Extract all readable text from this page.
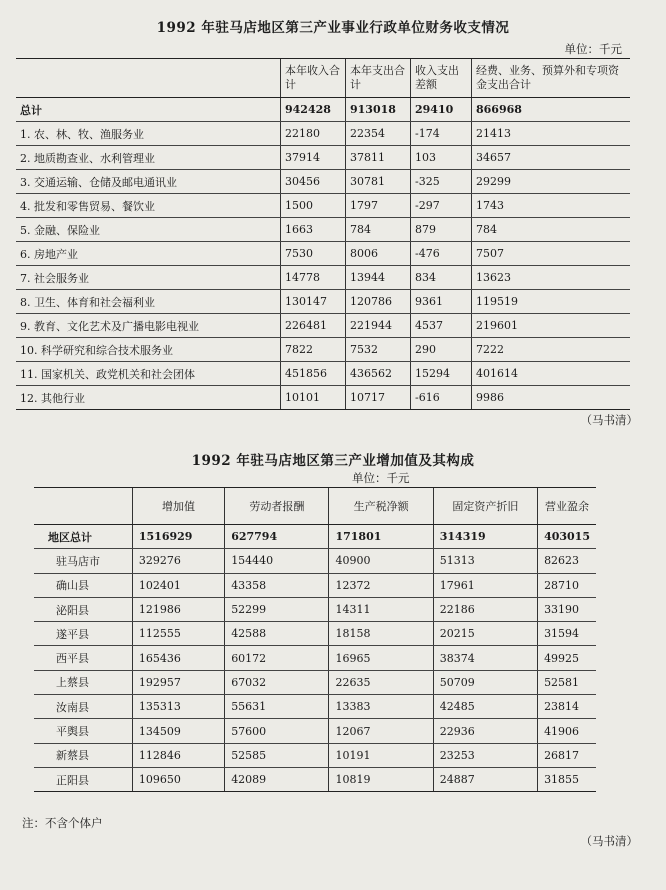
1992 年驻马店地区第三产业事业行政单位财务收支情况
单位：千元
	本年收入合计	本年支出合计	收入支出差额	经费、业务、预算外和专项资金支出合计
总计	942428	913018	29410	866968
1. 农、林、牧、渔服务业	22180	22354	-174	21413
2. 地质勘查业、水利管理业	37914	37811	103	34657
3. 交通运输、仓储及邮电通讯业	30456	30781	-325	29299
4. 批发和零售贸易、餐饮业	1500	1797	-297	1743
5. 金融、保险业	1663	784	879	784
6. 房地产业	7530	8006	-476	7507
7. 社会服务业	14778	13944	834	13623
8. 卫生、体育和社会福利业	130147	120786	9361	119519
9. 教育、文化艺术及广播电影电视业	226481	221944	4537	219601
10. 科学研究和综合技术服务业	7822	7532	290	7222
11. 国家机关、政党机关和社会团体	451856	436562	15294	401614
12. 其他行业	10101	10717	-616	9986
（马书清）
1992 年驻马店地区第三产业增加值及其构成
单位：千元
	增加值	劳动者报酬	生产税净额	固定资产折旧	营业盈余
地区总计	1516929	627794	171801	314319	403015
驻马店市	329276	154440	40900	51313	82623
确山县	102401	43358	12372	17961	28710
泌阳县	121986	52299	14311	22186	33190
遂平县	112555	42588	18158	20215	31594
西平县	165436	60172	16965	38374	49925
上蔡县	192957	67032	22635	50709	52581
汝南县	135313	55631	13383	42485	23814
平舆县	134509	57600	12067	22936	41906
新蔡县	112846	52585	10191	23253	26817
正阳县	109650	42089	10819	24887	31855
注：不含个体户
（马书清）
